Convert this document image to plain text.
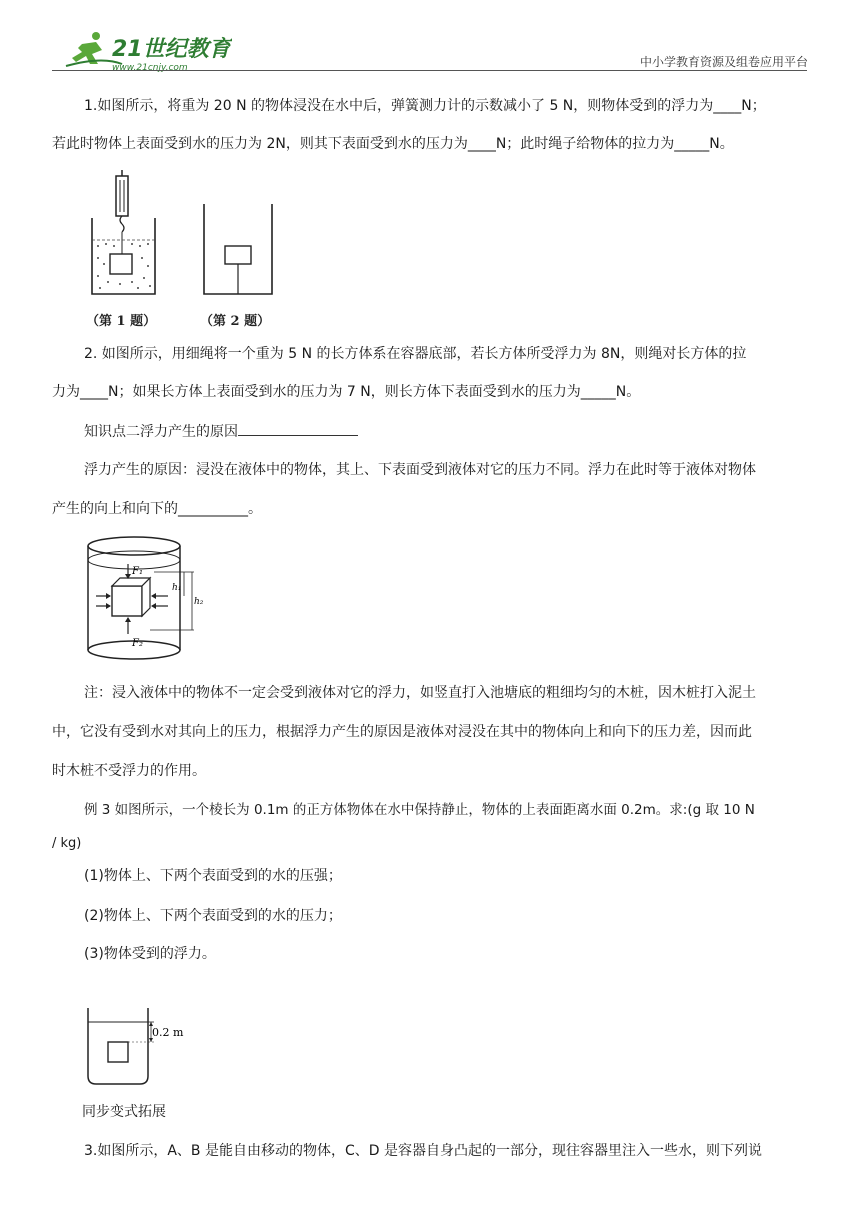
21世纪教育
www.21cnjy.com	中小学教育资源及组卷应用平台
1.如图所示，将重为 20 N 的物体浸没在水中后，弹簧测力计的示数减小了 5 N，则物体受到的浮力为____N；
若此时物体上表面受到水的压力为 2N，则其下表面受到水的压力为____N；此时绳子给物体的拉力为_____N。
（第 1 题）	（第 2 题）
2. 如图所示，用细绳将一个重为 5 N 的长方体系在容器底部，若长方体所受浮力为 8N，则绳对长方体的拉
力为____N；如果长方体上表面受到水的压力为 7 N，则长方体下表面受到水的压力为_____N。
知识点二浮力产生的原因
浮力产生的原因：浸没在液体中的物体，其上、下表面受到液体对它的压力不同。浮力在此时等于液体对物体
产生的向上和向下的__________。
F₁
F₂
h₁
h₂
注：浸入液体中的物体不一定会受到液体对它的浮力，如竖直打入池塘底的粗细均匀的木桩，因木桩打入泥土
中，它没有受到水对其向上的压力，根据浮力产生的原因是液体对浸没在其中的物体向上和向下的压力差，因而此
时木桩不受浮力的作用。
例 3 如图所示，一个棱长为 0.1m 的正方体物体在水中保持静止，物体的上表面距离水面 0.2m。求:(g 取 10 N
/ kg)
(1)物体上、下两个表面受到的水的压强；
(2)物体上、下两个表面受到的水的压力；
(3)物体受到的浮力。
0.2 m
同步变式拓展
3.如图所示，A、B 是能自由移动的物体，C、D 是容器自身凸起的一部分，现往容器里注入一些水，则下列说
